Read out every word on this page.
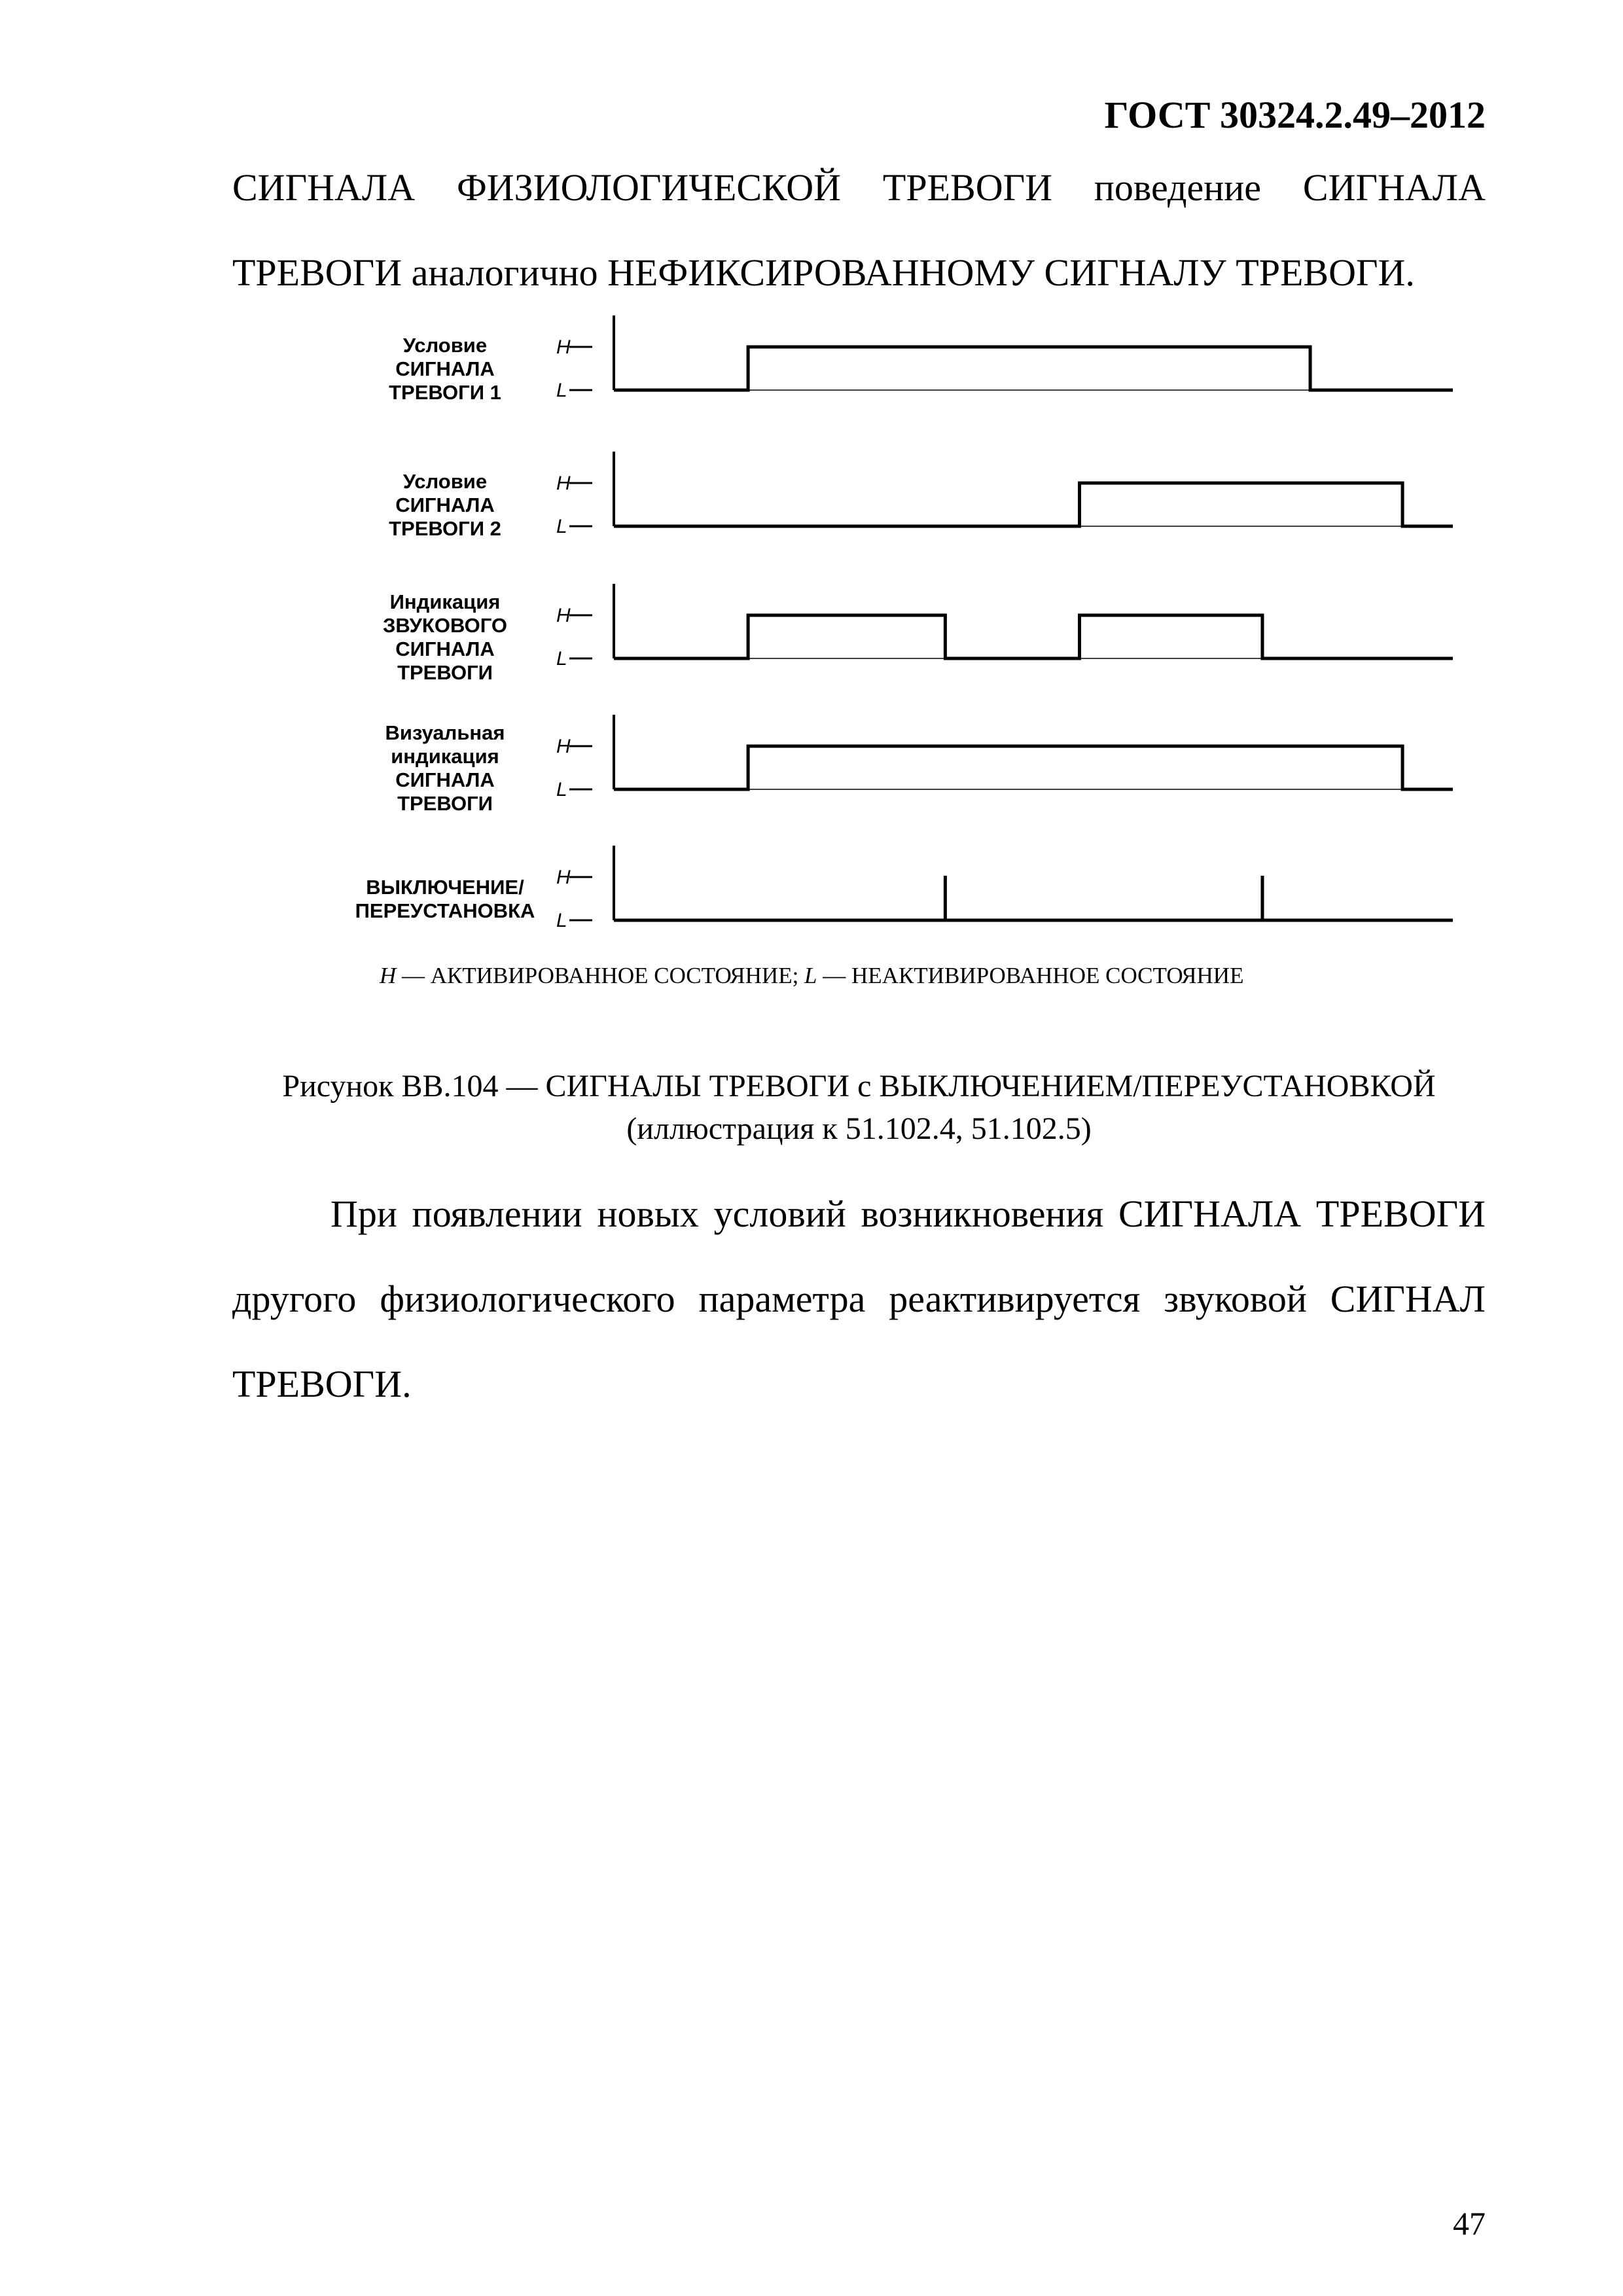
ГОСТ 30324.2.49–2012
СИГНАЛА ФИЗИОЛОГИЧЕСКОЙ ТРЕВОГИ поведение СИГНАЛА
ТРЕВОГИ аналогично НЕФИКСИРОВАННОМУ СИГНАЛУ ТРЕВОГИ.
Условие СИГНАЛА ТРЕВОГИ 1
H
L
Условие СИГНАЛА ТРЕВОГИ 2
H
L
Индикация ЗВУКОВОГО СИГНАЛА ТРЕВОГИ
H
L
Визуальная индикация СИГНАЛА ТРЕВОГИ
H
L
ВЫКЛЮЧЕНИЕ/ ПЕРЕУСТАНОВКА
H
L
H — АКТИВИРОВАННОЕ СОСТОЯНИЕ; L — НЕАКТИВИРОВАННОЕ СОСТОЯНИЕ
Рисунок ВВ.104 — СИГНАЛЫ ТРЕВОГИ с ВЫКЛЮЧЕНИЕМ/ПЕРЕУСТАНОВКОЙ
(иллюстрация к 51.102.4, 51.102.5)
При появлении новых условий возникновения СИГНАЛА ТРЕВОГИ другого физиологического параметра реактивируется звуковой СИГНАЛ ТРЕВОГИ.
47
